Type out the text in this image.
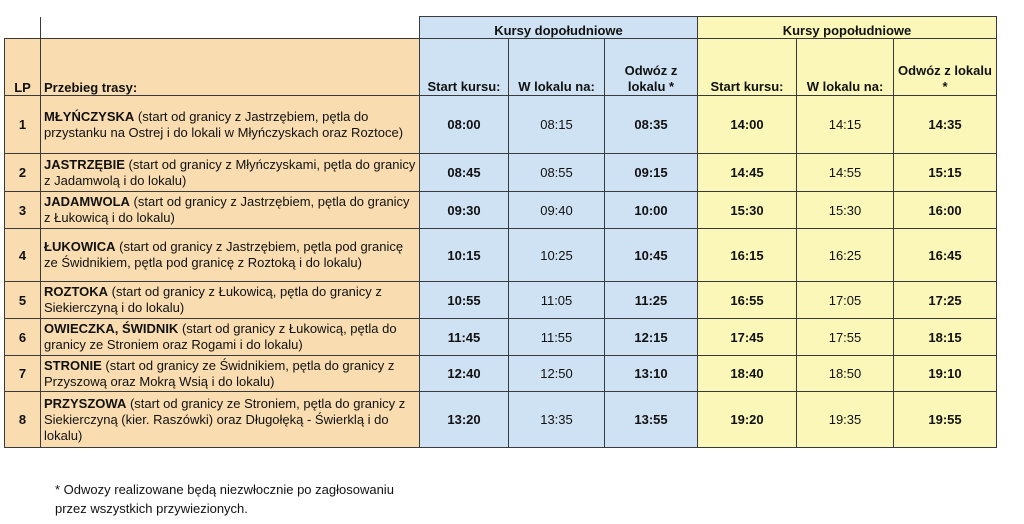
		Kursy dopołudniowe			Kursy popołudniowe		
LP	Przebieg trasy:	Start kursu:	W lokalu na:	Odwóz z lokalu *	Start kursu:	W lokalu na:	Odwóz z lokalu *

1	MŁYŃCZYSKA (start od granicy z Jastrzębiem, pętla do przystanku na Ostrej i do lokali w Młyńczyskach oraz Roztoce)	08:00	08:15	08:35	14:00	14:15	14:35
2	JASTRZĘBIE (start od granicy z Młyńczyskami, pętla do granicy z Jadamwolą i do lokalu)	08:45	08:55	09:15	14:45	14:55	15:15
3	JADAMWOLA (start od granicy z Jastrzębiem, pętla do granicy z Łukowicą i do lokalu)	09:30	09:40	10:00	15:30	15:30	16:00
4	ŁUKOWICA (start od granicy z Jastrzębiem, pętla pod granicę ze Świdnikiem, pętla pod granicę z Roztoką i do lokalu)	10:15	10:25	10:45	16:15	16:25	16:45
5	ROZTOKA (start od granicy z Łukowicą, pętla do granicy z Siekierczyną i do lokalu)	10:55	11:05	11:25	16:55	17:05	17:25
6	OWIECZKA, ŚWIDNIK (start od granicy z Łukowicą, pętla do granicy ze Stroniem oraz Rogami i do lokalu)	11:45	11:55	12:15	17:45	17:55	18:15
7	STRONIE (start od granicy ze Świdnikiem, pętla do granicy z Przyszową oraz Mokrą Wsią i do lokalu)	12:40	12:50	13:10	18:40	18:50	19:10
8	PRZYSZOWA (start od granicy ze Stroniem, pętla do granicy z Siekierczyną (kier. Raszówki) oraz Długołęką - Świerklą i do lokalu)	13:20	13:35	13:55	19:20	19:35	19:55
* Odwozy realizowane będą niezwłocznie po zagłosowaniu
przez wszystkich przywiezionych.
